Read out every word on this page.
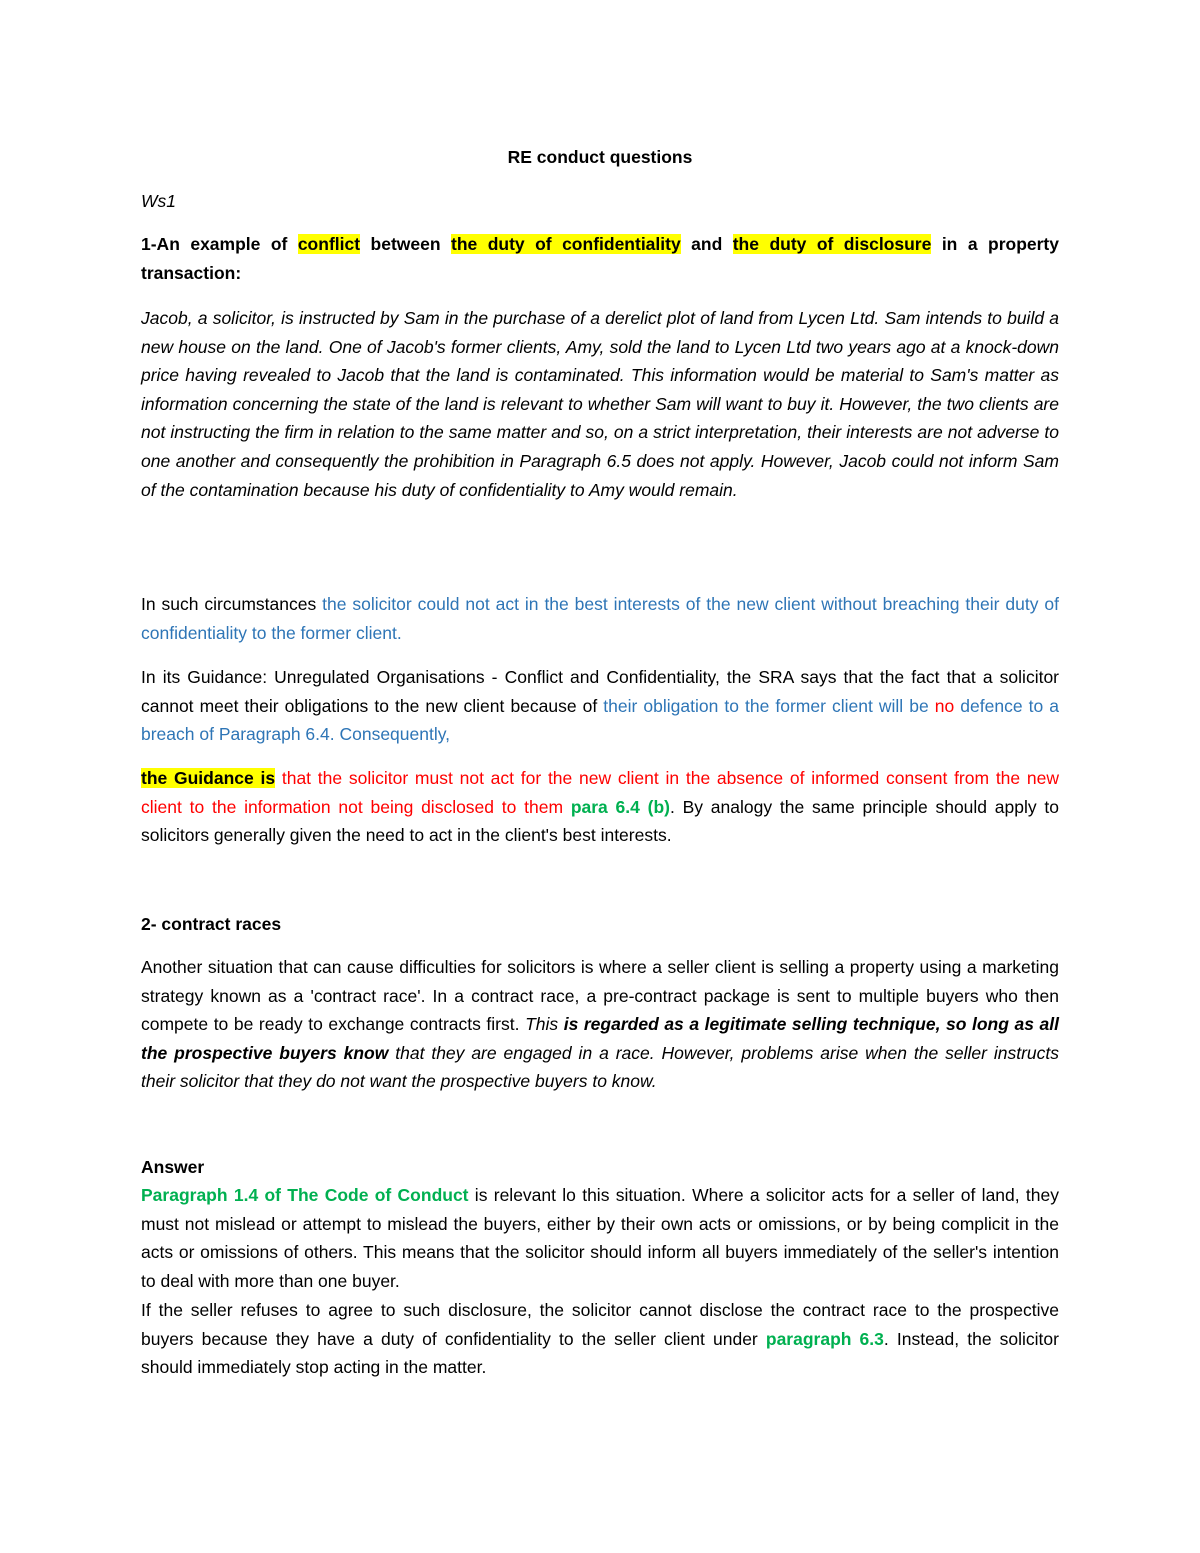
RE conduct questions

Ws1

1-An example of conflict between the duty of confidentiality and the duty of disclosure in a property transaction:

Jacob, a solicitor, is instructed by Sam in the purchase of a derelict plot of land from Lycen Ltd. Sam intends to build a new house on the land. One of Jacob's former clients, Amy, sold the land to Lycen Ltd two years ago at a knock-down price having revealed to Jacob that the land is contaminated. This information would be material to Sam's matter as information concerning the state of the land is relevant to whether Sam will want to buy it. However, the two clients are not instructing the firm in relation to the same matter and so, on a strict interpretation, their interests are not adverse to one another and consequently the prohibition in Paragraph 6.5 does not apply. However, Jacob could not inform Sam of the contamination because his duty of confidentiality to Amy would remain.

In such circumstances the solicitor could not act in the best interests of the new client without breaching their duty of confidentiality to the former client.

In its Guidance: Unregulated Organisations - Conflict and Confidentiality, the SRA says that the fact that a solicitor cannot meet their obligations to the new client because of their obligation to the former client will be no defence to a breach of Paragraph 6.4. Consequently,

the Guidance is that the solicitor must not act for the new client in the absence of informed consent from the new client to the information not being disclosed to them para 6.4 (b). By analogy the same principle should apply to solicitors generally given the need to act in the client's best interests.

2- contract races

Another situation that can cause difficulties for solicitors is where a seller client is selling a property using a marketing strategy known as a 'contract race'. In a contract race, a pre-contract package is sent to multiple buyers who then compete to be ready to exchange contracts first. This is regarded as a legitimate selling technique, so long as all the prospective buyers know that they are engaged in a race. However, problems arise when the seller instructs their solicitor that they do not want the prospective buyers to know.

Answer

Paragraph 1.4 of The Code of Conduct is relevant lo this situation. Where a solicitor acts for a seller of land, they must not mislead or attempt to mislead the buyers, either by their own acts or omissions, or by being complicit in the acts or omissions of others. This means that the solicitor should inform all buyers immediately of the seller's intention to deal with more than one buyer.

If the seller refuses to agree to such disclosure, the solicitor cannot disclose the contract race to the prospective buyers because they have a duty of confidentiality to the seller client under paragraph 6.3. Instead, the solicitor should immediately stop acting in the matter.
